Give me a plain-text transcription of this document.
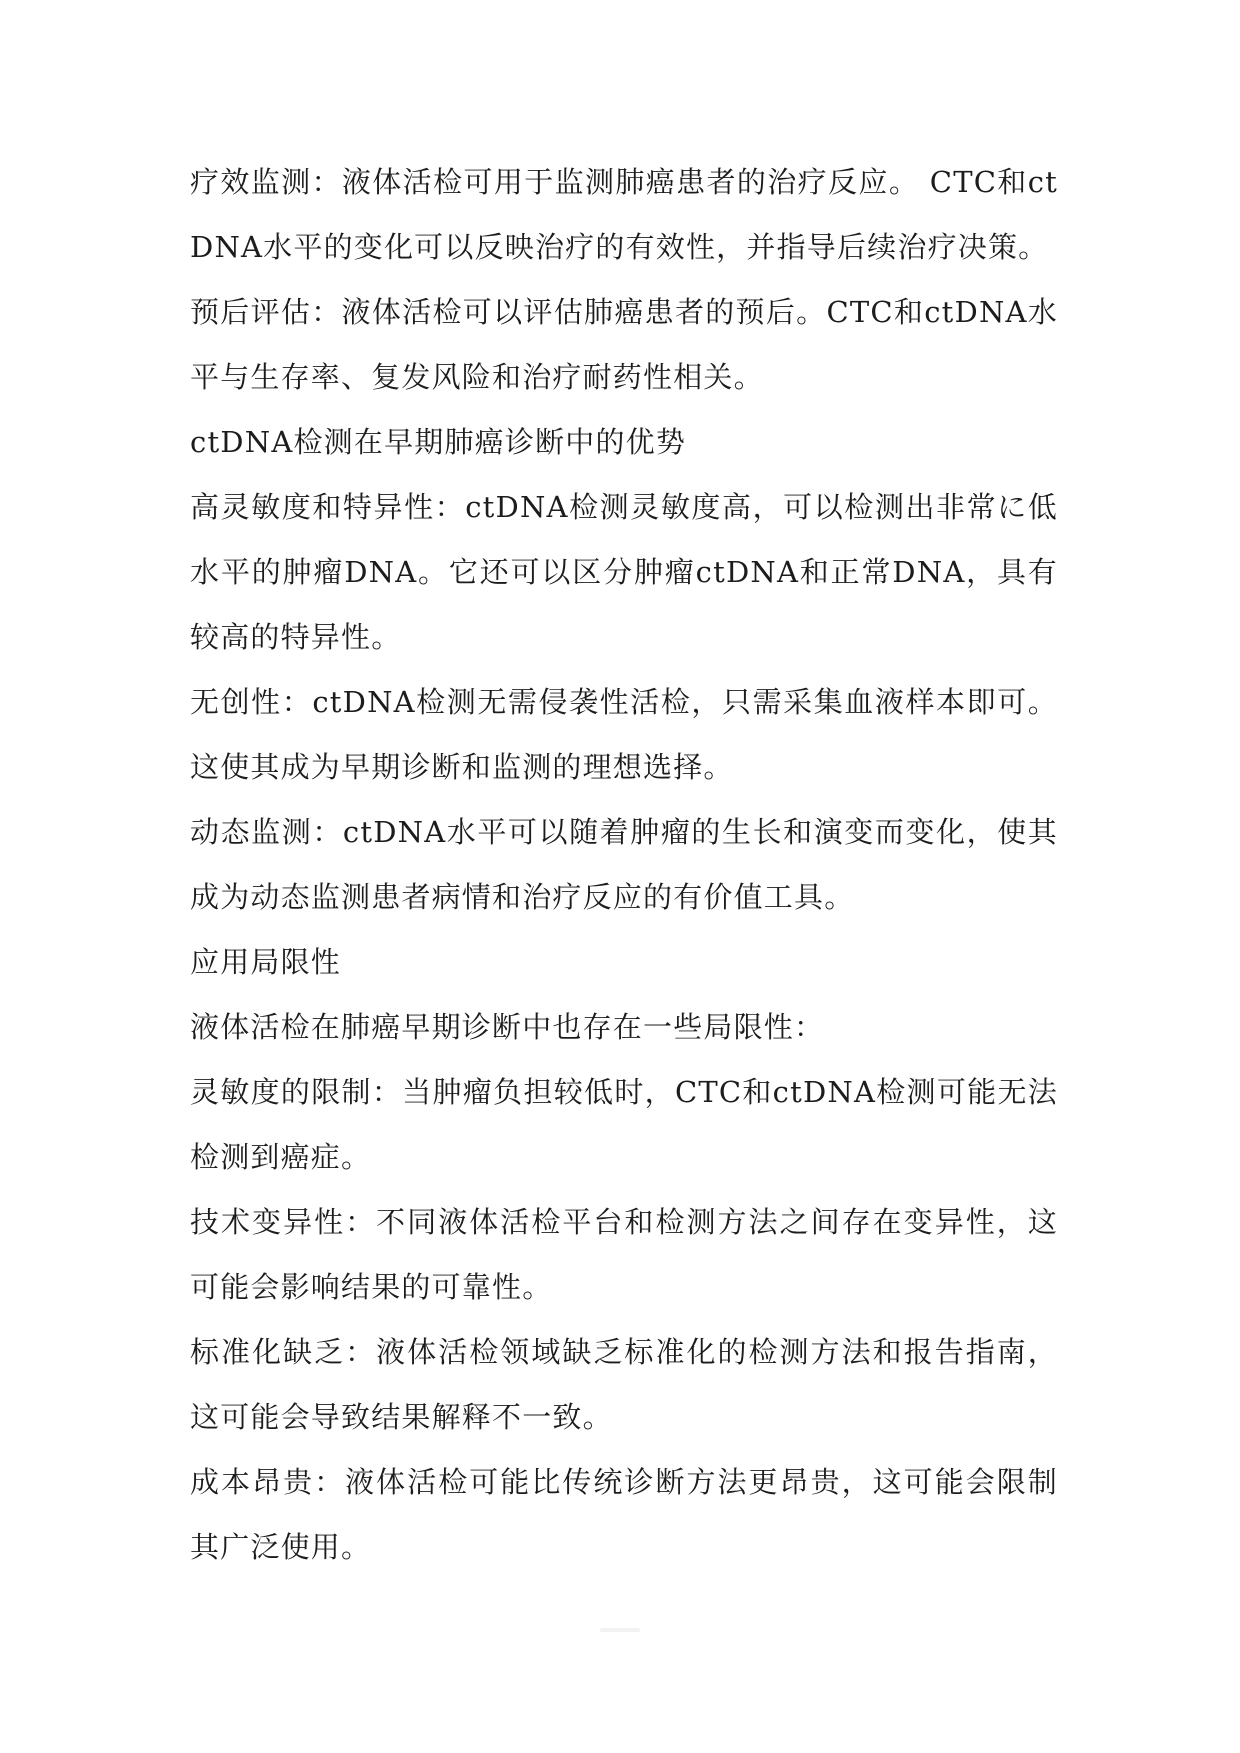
疗效监测：液体活检可用于监测肺癌患者的治疗反应。 CTC和ctDNA水平的变化可以反映治疗的有效性，并指导后续治疗决策。

预后评估：液体活检可以评估肺癌患者的预后。CTC和ctDNA水平与生存率、复发风险和治疗耐药性相关。

ctDNA检测在早期肺癌诊断中的优势

高灵敏度和特异性：ctDNA检测灵敏度高，可以检测出非常に低水平的肿瘤DNA。它还可以区分肿瘤ctDNA和正常DNA，具有较高的特异性。

无创性：ctDNA检测无需侵袭性活检，只需采集血液样本即可。这使其成为早期诊断和监测的理想选择。

动态监测：ctDNA水平可以随着肿瘤的生长和演变而变化，使其成为动态监测患者病情和治疗反应的有价值工具。

应用局限性

液体活检在肺癌早期诊断中也存在一些局限性：

灵敏度的限制：当肿瘤负担较低时，CTC和ctDNA检测可能无法检测到癌症。

技术变异性：不同液体活检平台和检测方法之间存在变异性，这可能会影响结果的可靠性。

标准化缺乏：液体活检领域缺乏标准化的检测方法和报告指南，这可能会导致结果解释不一致。

成本昂贵：液体活检可能比传统诊断方法更昂贵，这可能会限制其广泛使用。
